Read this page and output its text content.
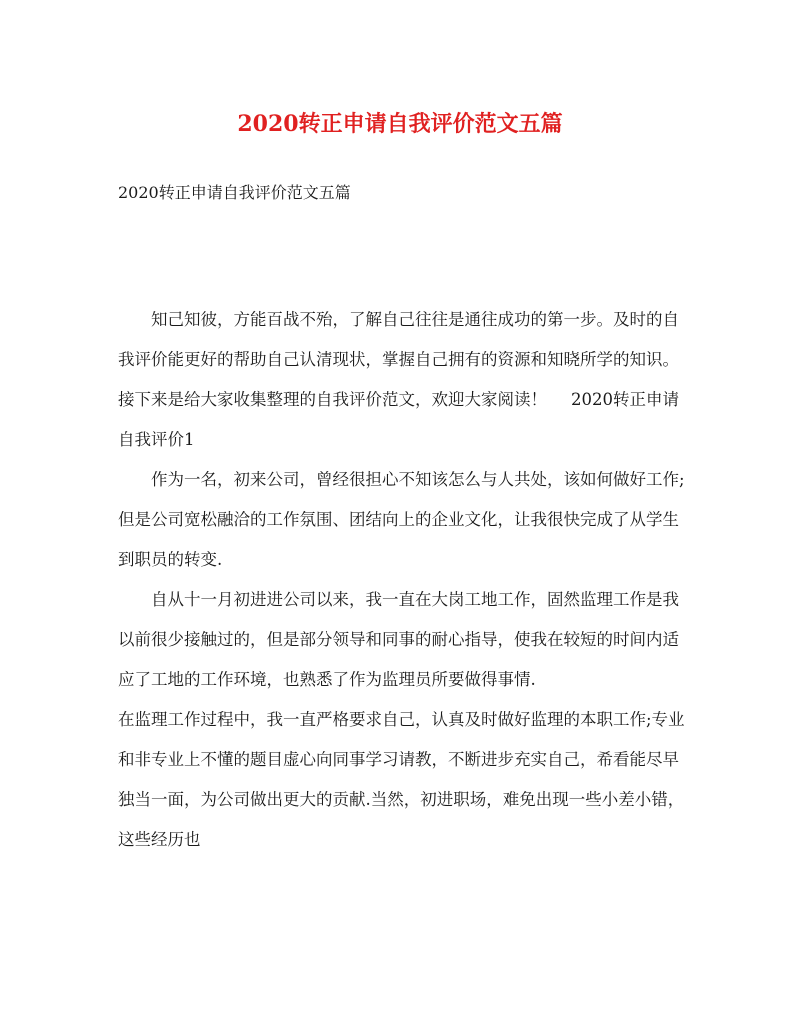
2020转正申请自我评价范文五篇

2020转正申请自我评价范文五篇

知己知彼，方能百战不殆，了解自己往往是通往成功的第一步。及时的自我评价能更好的帮助自己认清现状，掌握自己拥有的资源和知晓所学的知识。接下来是给大家收集整理的自我评价范文，欢迎大家阅读！ 2020转正申请自我评价1

作为一名，初来公司，曾经很担心不知该怎么与人共处，该如何做好工作;但是公司宽松融洽的工作氛围、团结向上的企业文化，让我很快完成了从学生到职员的转变.

自从十一月初进进公司以来，我一直在大岗工地工作，固然监理工作是我以前很少接触过的，但是部分领导和同事的耐心指导，使我在较短的时间内适应了工地的工作环境，也熟悉了作为监理员所要做得事情.

在监理工作过程中，我一直严格要求自己，认真及时做好监理的本职工作;专业和非专业上不懂的题目虚心向同事学习请教，不断进步充实自己，希看能尽早独当一面，为公司做出更大的贡献.当然，初进职场，难免出现一些小差小错，这些经历也
